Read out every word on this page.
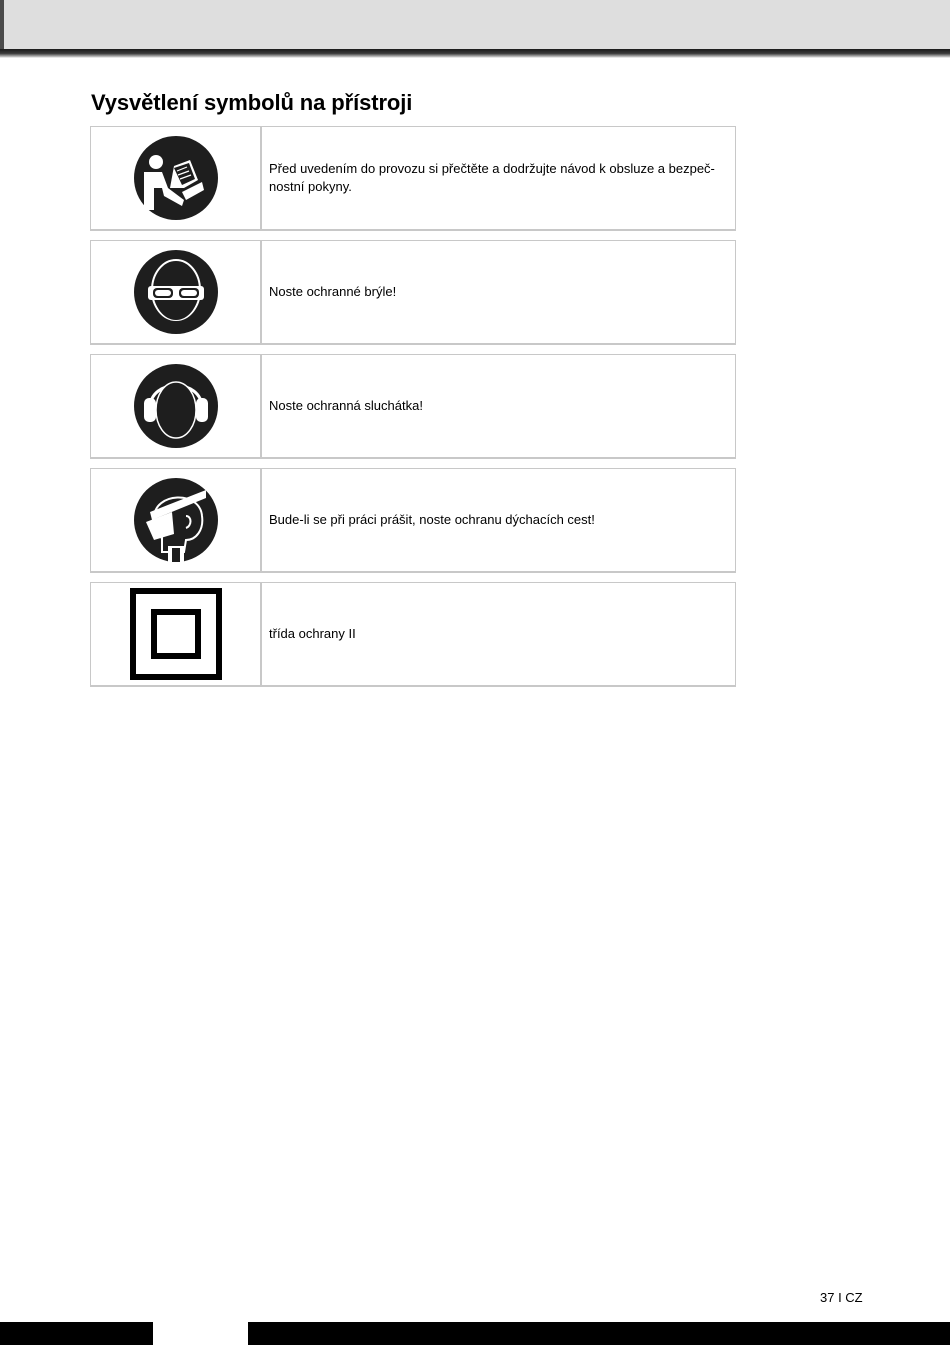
Vysvětlení symbolů na přístroji
Před uvedením do provozu si přečtěte a dodržujte návod k obsluze a bezpeč-nostní pokyny.
Noste ochranné brýle!
Noste ochranná sluchátka!
Bude-li se při práci prášit, noste ochranu dýchacích cest!
třída ochrany II
37 I CZ
